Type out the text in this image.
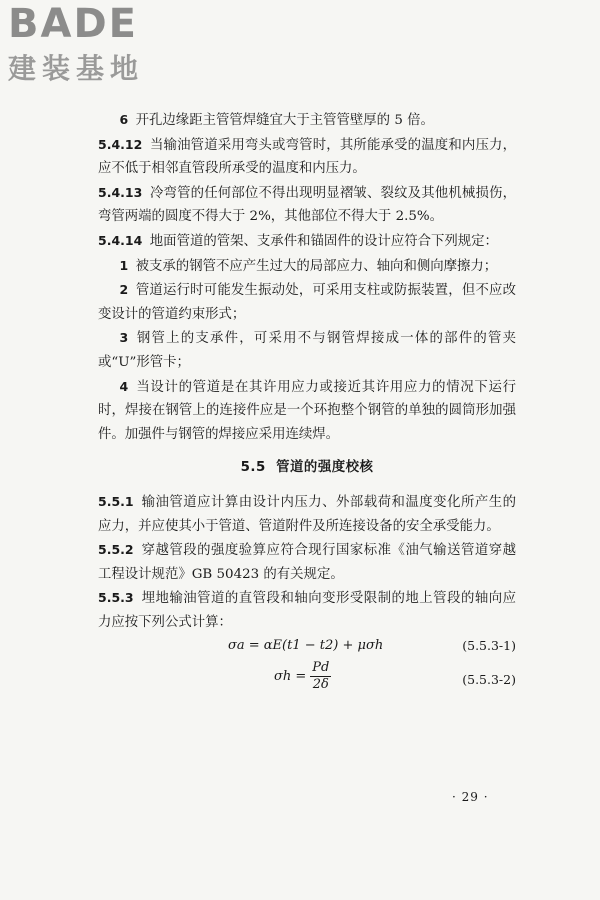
BADE
建装基地

6 开孔边缘距主管管焊缝宜大于主管管壁厚的 5 倍。

5.4.12 当输油管道采用弯头或弯管时，其所能承受的温度和内压力，应不低于相邻直管段所承受的温度和内压力。

5.4.13 冷弯管的任何部位不得出现明显褶皱、裂纹及其他机械损伤，弯管两端的圆度不得大于 2%，其他部位不得大于 2.5%。

5.4.14 地面管道的管架、支承件和锚固件的设计应符合下列规定：

1 被支承的钢管不应产生过大的局部应力、轴向和侧向摩擦力；

2 管道运行时可能发生振动处，可采用支柱或防振装置，但不应改变设计的管道约束形式；

3 钢管上的支承件，可采用不与钢管焊接成一体的部件的管夹或“U”形管卡；

4 当设计的管道是在其许用应力或接近其许用应力的情况下运行时，焊接在钢管上的连接件应是一个环抱整个钢管的单独的圆筒形加强件。加强件与钢管的焊接应采用连续焊。

5.5 管道的强度校核

5.5.1 输油管道应计算由设计内压力、外部载荷和温度变化所产生的应力，并应使其小于管道、管道附件及所连接设备的安全承受能力。

5.5.2 穿越管段的强度验算应符合现行国家标准《油气输送管道穿越工程设计规范》GB 50423 的有关规定。

5.5.3 埋地输油管道的直管段和轴向变形受限制的地上管段的轴向应力应按下列公式计算：

σa = αE(t1 − t2) + μσh	(5.5.3-1)
$\sigma h = \frac{Pd}{2\delta}$	(5.5.3-2)
· 29 ·
